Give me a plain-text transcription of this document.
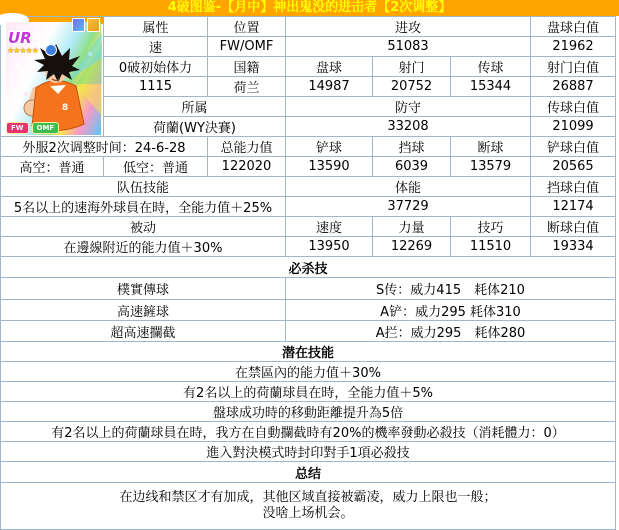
4破图鉴-【月中】神出鬼没的进击者【2次调整】
8
UR
★★★★★
FW OMF	属性	位置	进攻			盘球白值
	速	FW/OMF	51083			21962
	0破初始体力	国籍	盘球	射门	传球	射门白值
	1115	荷兰	14987	20752	15344	26887
	所属		防守			传球白值
	荷蘭(WY決賽)		33208			21099
外服2次调整时间：24-6-28		总能力值	铲球	挡球	断球	铲球白值
高空：普通	低空：普通	122020	13590	6039	13579	20565
队伍技能			体能			挡球白值
5名以上的速海外球員在時，全能力值＋25%			37729			12174
被动			速度	力量	技巧	断球白值
在邊線附近的能力值＋30%			13950	12269	11510	19334
必杀技						
樸實傳球			S传：威力415　耗体210			
高速鏟球			A铲：威力295 耗体310			
超高速攔截			A拦：威力295　耗体280			
潜在技能						
在禁區內的能力值＋30%						
有2名以上的荷蘭球員在時，全能力值＋5%						
盤球成功時的移動距離提升為5倍						
有2名以上的荷蘭球員在時，我方在自動攔截時有20%的機率發動必殺技（消耗體力：0）						
進入對決模式時封印對手1項必殺技						
总结						

在边线和禁区才有加成，其他区域直接被霸凌，威力上限也一般；
没啥上场机会。						
